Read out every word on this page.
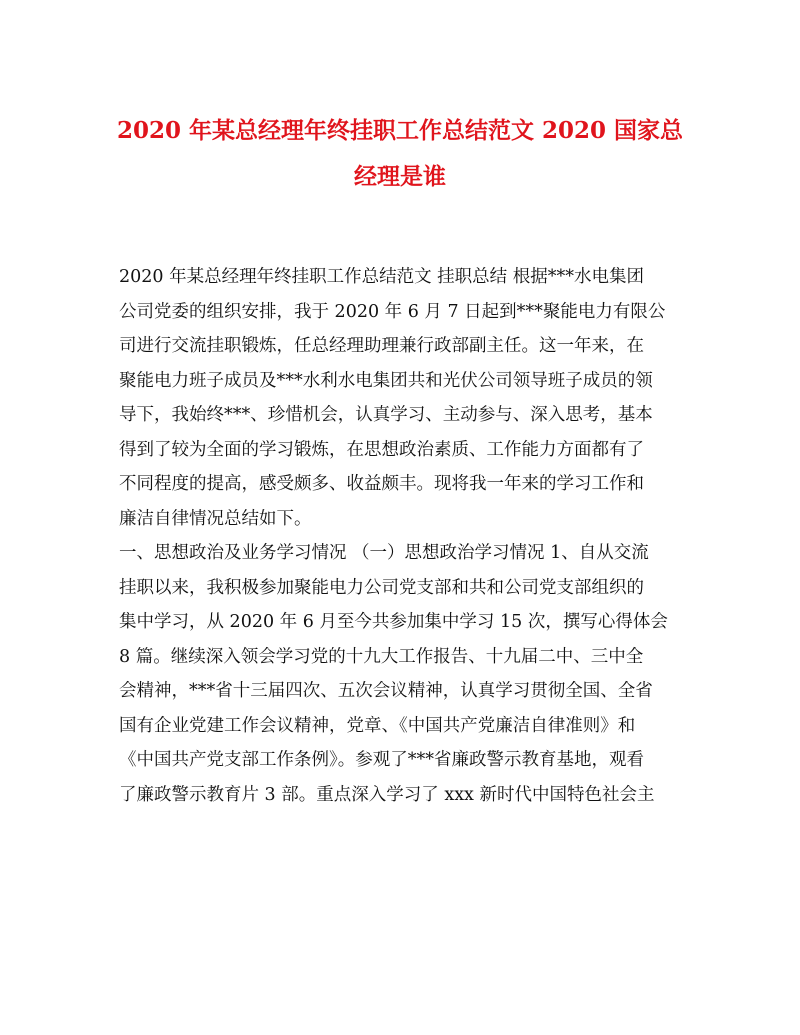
2020 年某总经理年终挂职工作总结范文 2020 国家总
经理是谁
2020 年某总经理年终挂职工作总结范文 挂职总结 根据***水电集团
公司党委的组织安排，我于 2020 年 6 月 7 日起到***聚能电力有限公
司进行交流挂职锻炼，任总经理助理兼行政部副主任。这一年来，在
聚能电力班子成员及***水利水电集团共和光伏公司领导班子成员的领
导下，我始终***、珍惜机会，认真学习、主动参与、深入思考，基本
得到了较为全面的学习锻炼，在思想政治素质、工作能力方面都有了
不同程度的提高，感受颇多、收益颇丰。现将我一年来的学习工作和
廉洁自律情况总结如下。
一、思想政治及业务学习情况 （一）思想政治学习情况 1、自从交流
挂职以来，我积极参加聚能电力公司党支部和共和公司党支部组织的
集中学习，从 2020 年 6 月至今共参加集中学习 15 次，撰写心得体会
8 篇。继续深入领会学习党的十九大工作报告、十九届二中、三中全
会精神，***省十三届四次、五次会议精神，认真学习贯彻全国、全省
国有企业党建工作会议精神，党章、《中国共产党廉洁自律准则》和
《中国共产党支部工作条例》。参观了***省廉政警示教育基地，观看
了廉政警示教育片 3 部。重点深入学习了 xxx 新时代中国特色社会主
